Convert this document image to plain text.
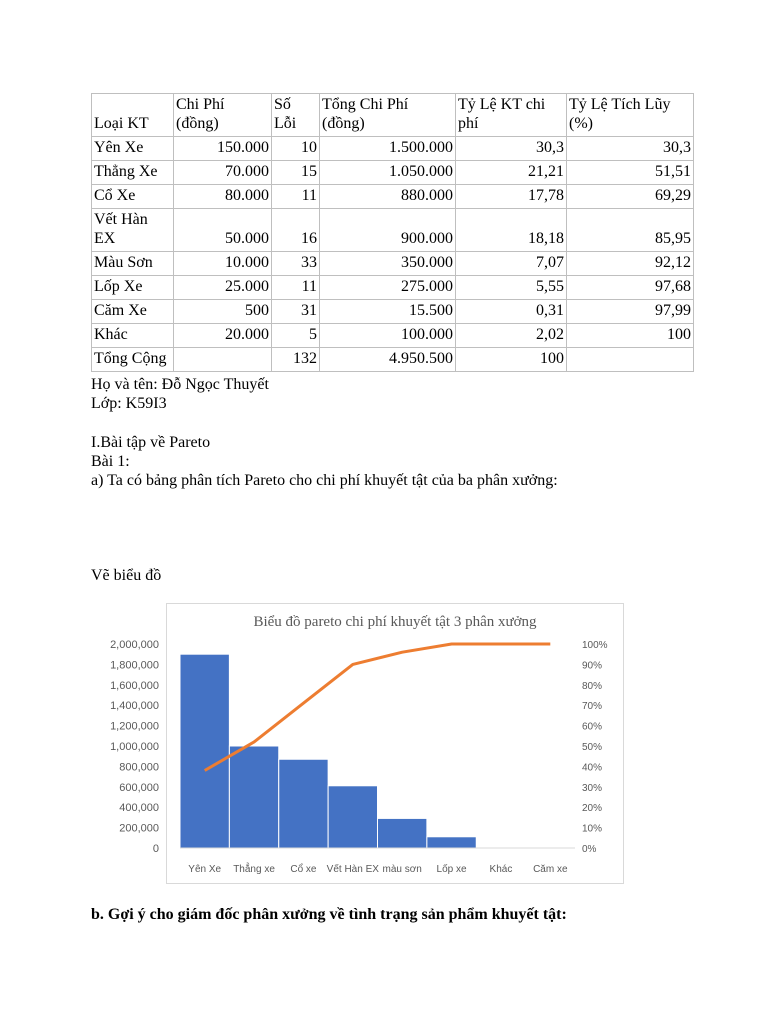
Loại KT	Chi Phí (đồng)	Số Lỗi	Tổng Chi Phí (đồng)	Tỷ Lệ KT chi phí	Tỷ Lệ Tích Lũy (%)
Yên Xe	150.000	10	1.500.000	30,3	30,3
Thẳng Xe	70.000	15	1.050.000	21,21	51,51
Cổ Xe	80.000	11	880.000	17,78	69,29
Vết Hàn EX	50.000	16	900.000	18,18	85,95
Màu Sơn	10.000	33	350.000	7,07	92,12
Lốp Xe	25.000	11	275.000	5,55	97,68
Căm Xe	500	31	15.500	0,31	97,99
Khác	20.000	5	100.000	2,02	100
Tổng Cộng		132	4.950.500	100	
Họ và tên: Đỗ Ngọc Thuyết
Lớp: K59I3
I.Bài tập về Pareto
Bài 1:
a) Ta có bảng phân tích Pareto cho chi phí khuyết tật của ba phân xưởng:
Vẽ biểu đồ
Biểu đồ pareto chi phí khuyết tật 3 phân xưởng
0
200,000
400,000
600,000
800,000
1,000,000
1,200,000
1,400,000
1,600,000
1,800,000
2,000,000
0%
10%
20%
30%
40%
50%
60%
70%
80%
90%
100%
Yên Xe Thẳng xe Cổ xe Vết Hàn EX màu sơn Lốp xe Khác Căm xe
b. Gợi ý cho giám đốc phân xưởng về tình trạng sản phẩm khuyết tật:
